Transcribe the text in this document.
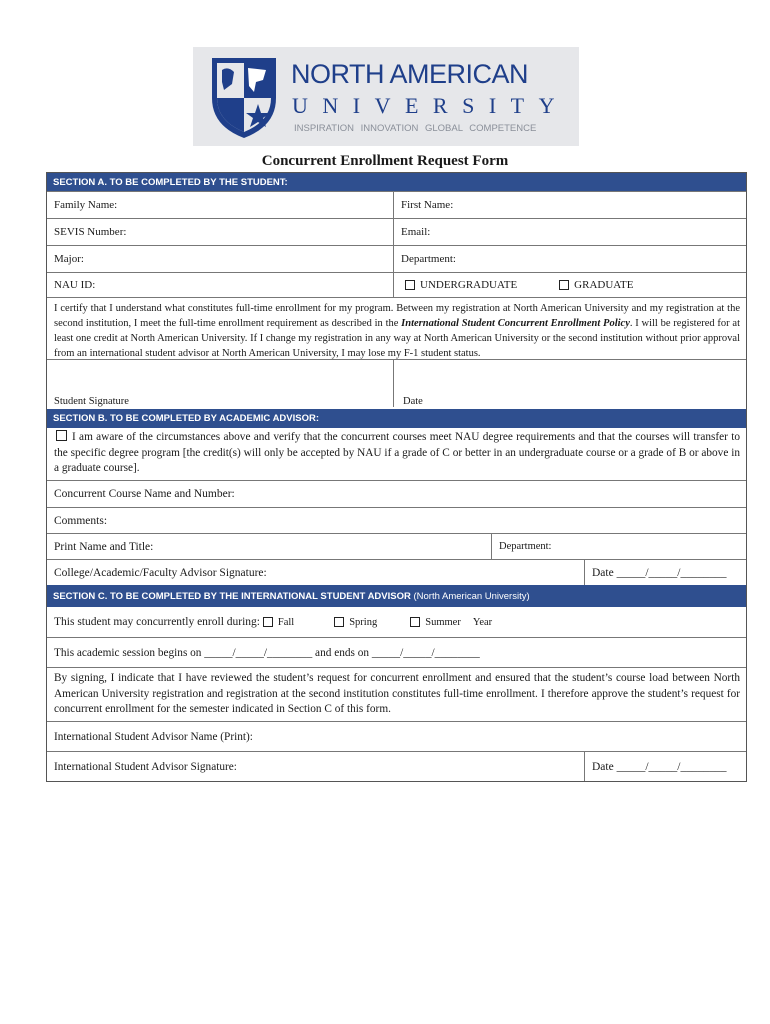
NORTH AMERICAN
UNIVERSITY
INSPIRATION INNOVATION GLOBAL COMPETENCE
Concurrent Enrollment Request Form
SECTION A. TO BE COMPLETED BY THE STUDENT:
Family Name:	First Name:
SEVIS Number:	Email:
Major:	Department:
NAU ID:	UNDERGRADUATE	GRADUATE
I certify that I understand what constitutes full-time enrollment for my program. Between my registration at North American University and my registration at the second institution, I meet the full-time enrollment requirement as described in the International Student Concurrent Enrollment Policy. I will be registered for at least one credit at North American University. If I change my registration in any way at North American University or the second institution without prior approval from an international student advisor at North American University, I may lose my F-1 student status.
Student Signature	Date
SECTION B. TO BE COMPLETED BY ACADEMIC ADVISOR:
I am aware of the circumstances above and verify that the concurrent courses meet NAU degree requirements and that the courses will transfer to the specific degree program [the credit(s) will only be accepted by NAU if a grade of C or better in an undergraduate course or a grade of B or above in a graduate course].
Concurrent Course Name and Number:
Comments:
Print Name and Title:	Department:
College/Academic/Faculty Advisor Signature:	Date _____/_____/________
SECTION C. TO BE COMPLETED BY THE INTERNATIONAL STUDENT ADVISOR
(North American University)
This student may concurrently enroll during:
Fall	Spring	Summer Year
This academic session begins on _____/_____/________ and ends on _____/_____/________
By signing, I indicate that I have reviewed the student’s request for concurrent enrollment and ensured that the student’s course load between North American University registration and registration at the second institution constitutes full-time enrollment. I therefore approve the student’s request for concurrent enrollment for the semester indicated in Section C of this form.
International Student Advisor Name (Print):
International Student Advisor Signature:	Date _____/_____/________
